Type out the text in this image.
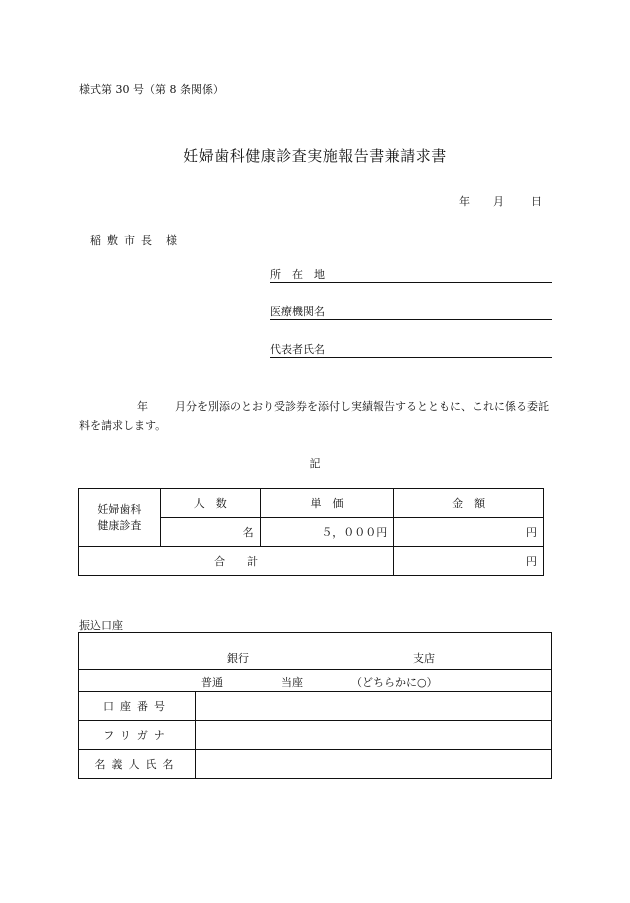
様式第 30 号（第 8 条関係）
妊婦歯科健康診査実施報告書兼請求書
年 月 日
稲 敷 市 長 様
所　在　地
医療機関名
代表者氏名
年 月分を別添のとおり受診券を添付し実績報告するとともに、これに係る委託料を請求します。
記
妊婦歯科
健康診査	人　数	単　価	金　額
	名	５，０００円	円
合　　計			円
振込口座
銀行 支店	

普通 当座 （どちらかに○）	

口座番号	
フリガナ	
名義人氏名	
